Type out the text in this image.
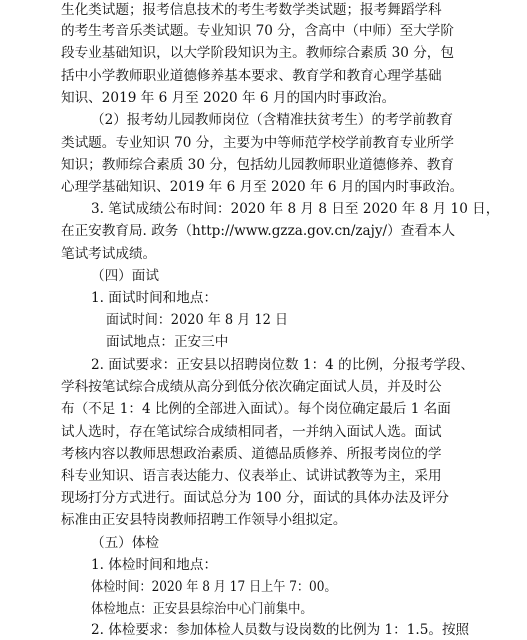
生化类试题；报考信息技术的考生考数学类试题；报考舞蹈学科
的考生考音乐类试题。专业知识 70 分，含高中（中师）至大学阶
段专业基础知识，以大学阶段知识为主。教师综合素质 30 分，包
括中小学教师职业道德修养基本要求、教育学和教育心理学基础
知识、2019 年 6 月至 2020 年 6 月的国内时事政治。
（2）报考幼儿园教师岗位（含精准扶贫考生）的考学前教育
类试题。专业知识 70 分，主要为中等师范学校学前教育专业所学
知识；教师综合素质 30 分，包括幼儿园教师职业道德修养、教育
心理学基础知识、2019 年 6 月至 2020 年 6 月的国内时事政治。
3. 笔试成绩公布时间：2020 年 8 月 8 日至 2020 年 8 月 10 日，
在正安教育局. 政务（http://www.gzza.gov.cn/zajy/）查看本人
笔试考试成绩。
（四）面试
1. 面试时间和地点：
面试时间：2020 年 8 月 12 日
面试地点：正安三中
2. 面试要求：正安县以招聘岗位数 1：4 的比例，分报考学段、
学科按笔试综合成绩从高分到低分依次确定面试人员，并及时公
布（不足 1：4 比例的全部进入面试）。每个岗位确定最后 1 名面
试人选时，存在笔试综合成绩相同者，一并纳入面试人选。面试
考核内容以教师思想政治素质、道德品质修养、所报考岗位的学
科专业知识、语言表达能力、仪表举止、试讲试教等为主，采用
现场打分方式进行。面试总分为 100 分，面试的具体办法及评分
标准由正安县特岗教师招聘工作领导小组拟定。
（五）体检
1. 体检时间和地点：
体检时间：2020 年 8 月 17 日上午 7：00。
体检地点：正安县县综治中心门前集中。
2. 体检要求：参加体检人员数与设岗数的比例为 1：1.5。按照
